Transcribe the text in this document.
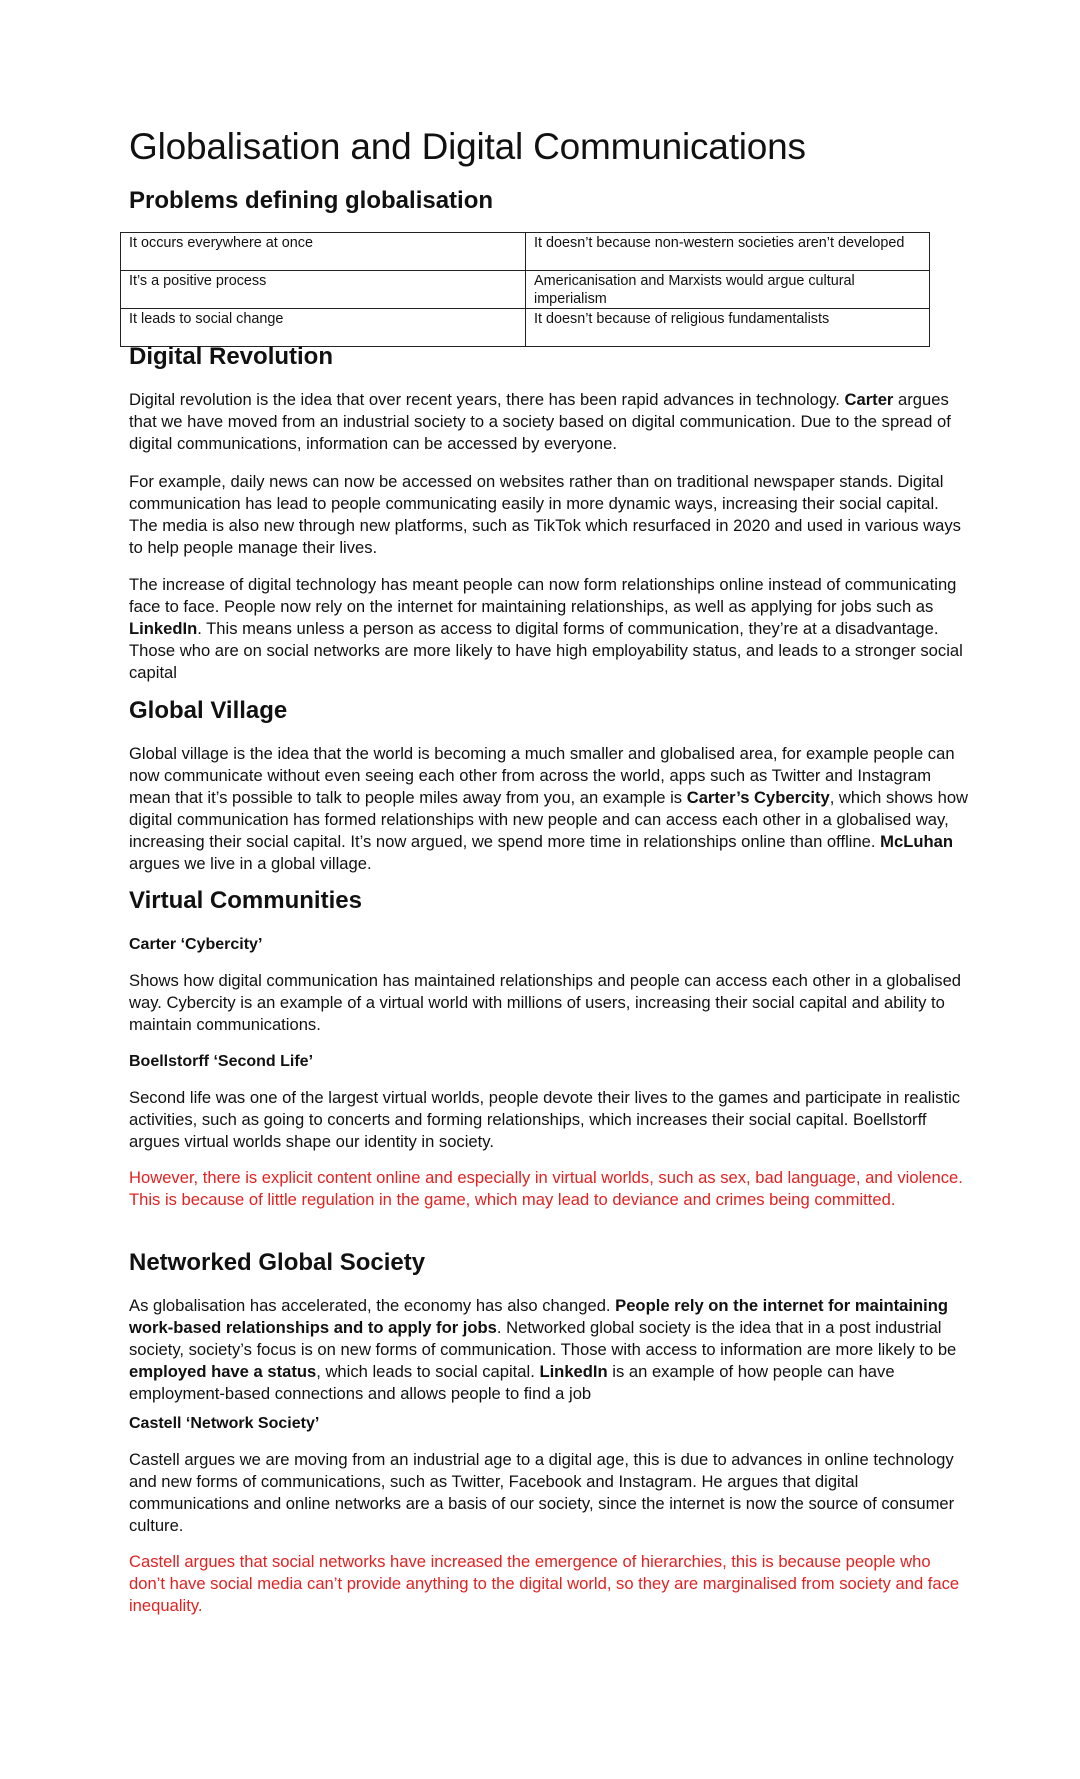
Globalisation and Digital Communications
Problems defining globalisation
It occurs everywhere at once	It doesn’t because non-western societies aren’t developed
It’s a positive process	Americanisation and Marxists would argue cultural imperialism
It leads to social change	It doesn’t because of religious fundamentalists
Digital Revolution

Digital revolution is the idea that over recent years, there has been rapid advances in technology. Carter argues that we have moved from an industrial society to a society based on digital communication. Due to the spread of digital communications, information can be accessed by everyone.

For example, daily news can now be accessed on websites rather than on traditional newspaper stands. Digital communication has lead to people communicating easily in more dynamic ways, increasing their social capital. The media is also new through new platforms, such as TikTok which resurfaced in 2020 and used in various ways to help people manage their lives.

The increase of digital technology has meant people can now form relationships online instead of communicating face to face. People now rely on the internet for maintaining relationships, as well as applying for jobs such as LinkedIn. This means unless a person as access to digital forms of communication, they’re at a disadvantage. Those who are on social networks are more likely to have high employability status, and leads to a stronger social capital

Global Village

Global village is the idea that the world is becoming a much smaller and globalised area, for example people can now communicate without even seeing each other from across the world, apps such as Twitter and Instagram mean that it’s possible to talk to people miles away from you, an example is Carter’s Cybercity, which shows how digital communication has formed relationships with new people and can access each other in a globalised way, increasing their social capital. It’s now argued, we spend more time in relationships online than offline. McLuhan argues we live in a global village.

Virtual Communities
Carter ‘Cybercity’

Shows how digital communication has maintained relationships and people can access each other in a globalised way. Cybercity is an example of a virtual world with millions of users, increasing their social capital and ability to maintain communications.

Boellstorff ‘Second Life’

Second life was one of the largest virtual worlds, people devote their lives to the games and participate in realistic activities, such as going to concerts and forming relationships, which increases their social capital. Boellstorff argues virtual worlds shape our identity in society.

However, there is explicit content online and especially in virtual worlds, such as sex, bad language, and violence. This is because of little regulation in the game, which may lead to deviance and crimes being committed.

Networked Global Society

As globalisation has accelerated, the economy has also changed. People rely on the internet for maintaining work-based relationships and to apply for jobs. Networked global society is the idea that in a post industrial society, society’s focus is on new forms of communication. Those with access to information are more likely to be employed have a status, which leads to social capital. LinkedIn is an example of how people can have employment-based connections and allows people to find a job

Castell ‘Network Society’

Castell argues we are moving from an industrial age to a digital age, this is due to advances in online technology and new forms of communications, such as Twitter, Facebook and Instagram. He argues that digital communications and online networks are a basis of our society, since the internet is now the source of consumer culture.

Castell argues that social networks have increased the emergence of hierarchies, this is because people who don’t have social media can’t provide anything to the digital world, so they are marginalised from society and face inequality.
